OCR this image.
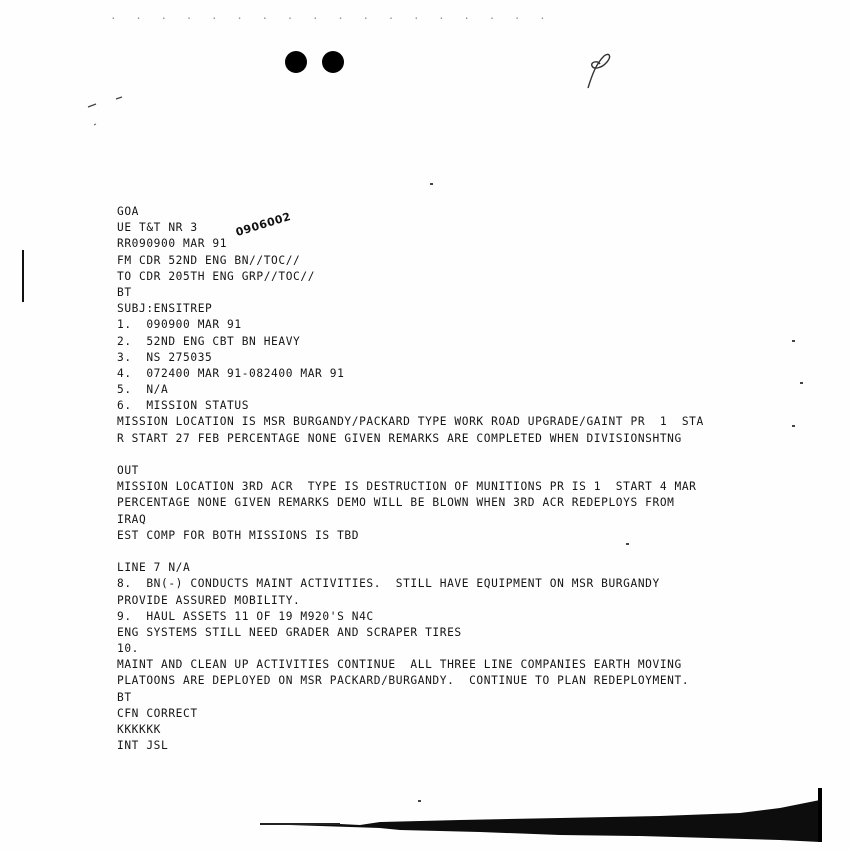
· · · · · · · · · · · · · · · · · ·
GOA
UE T&T NR 3
RR090900 MAR 91
FM CDR 52ND ENG BN//TOC//
TO CDR 205TH ENG GRP//TOC//
BT
SUBJ:ENSITREP
1.  090900 MAR 91
2.  52ND ENG CBT BN HEAVY
3.  NS 275035
4.  072400 MAR 91-082400 MAR 91
5.  N/A
6.  MISSION STATUS
MISSION LOCATION IS MSR BURGANDY/PACKARD TYPE WORK ROAD UPGRADE/GAINT PR  1  STA
R START 27 FEB PERCENTAGE NONE GIVEN REMARKS ARE COMPLETED WHEN DIVISIONSHTNG
OUT
MISSION LOCATION 3RD ACR  TYPE IS DESTRUCTION OF MUNITIONS PR IS 1  START 4 MAR
PERCENTAGE NONE GIVEN REMARKS DEMO WILL BE BLOWN WHEN 3RD ACR REDEPLOYS FROM
IRAQ
EST COMP FOR BOTH MISSIONS IS TBD
LINE 7 N/A
8.  BN(-) CONDUCTS MAINT ACTIVITIES.  STILL HAVE EQUIPMENT ON MSR BURGANDY
PROVIDE ASSURED MOBILITY.
9.  HAUL ASSETS 11 OF 19 M920'S N4C
ENG SYSTEMS STILL NEED GRADER AND SCRAPER TIRES
10.
MAINT AND CLEAN UP ACTIVITIES CONTINUE  ALL THREE LINE COMPANIES EARTH MOVING
PLATOONS ARE DEPLOYED ON MSR PACKARD/BURGANDY.  CONTINUE TO PLAN REDEPLOYMENT.
BT
CFN CORRECT
KKKKKK
INT JSL
0906002
